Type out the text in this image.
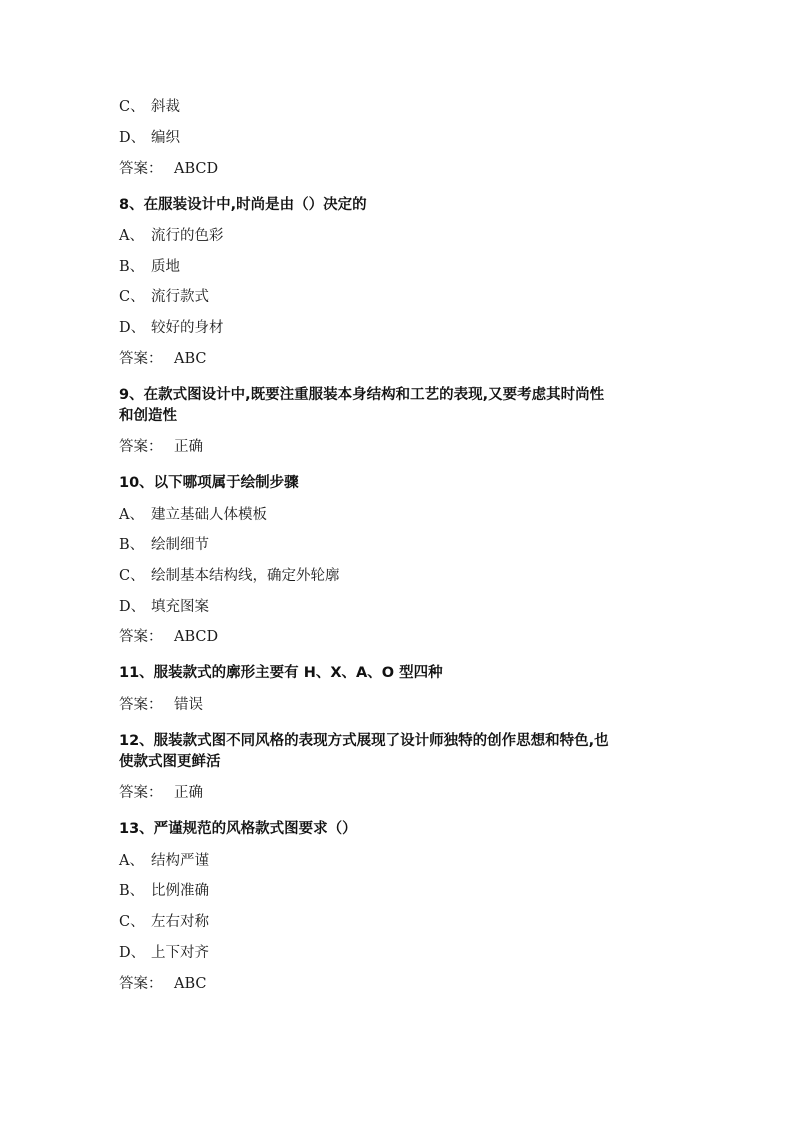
C、 斜裁
D、 编织
答案： ABCD
8、在服装设计中,时尚是由（）决定的
A、 流行的色彩
B、 质地
C、 流行款式
D、 较好的身材
答案： ABC
9、在款式图设计中,既要注重服装本身结构和工艺的表现,又要考虑其时尚性
和创造性
答案： 正确
10、以下哪项属于绘制步骤
A、 建立基础人体模板
B、 绘制细节
C、 绘制基本结构线，确定外轮廓
D、 填充图案
答案： ABCD
11、服装款式的廓形主要有 H、X、A、O 型四种
答案： 错误
12、服装款式图不同风格的表现方式展现了设计师独特的创作思想和特色,也
使款式图更鲜活
答案： 正确
13、严谨规范的风格款式图要求（）
A、 结构严谨
B、 比例准确
C、 左右对称
D、 上下对齐
答案： ABC
